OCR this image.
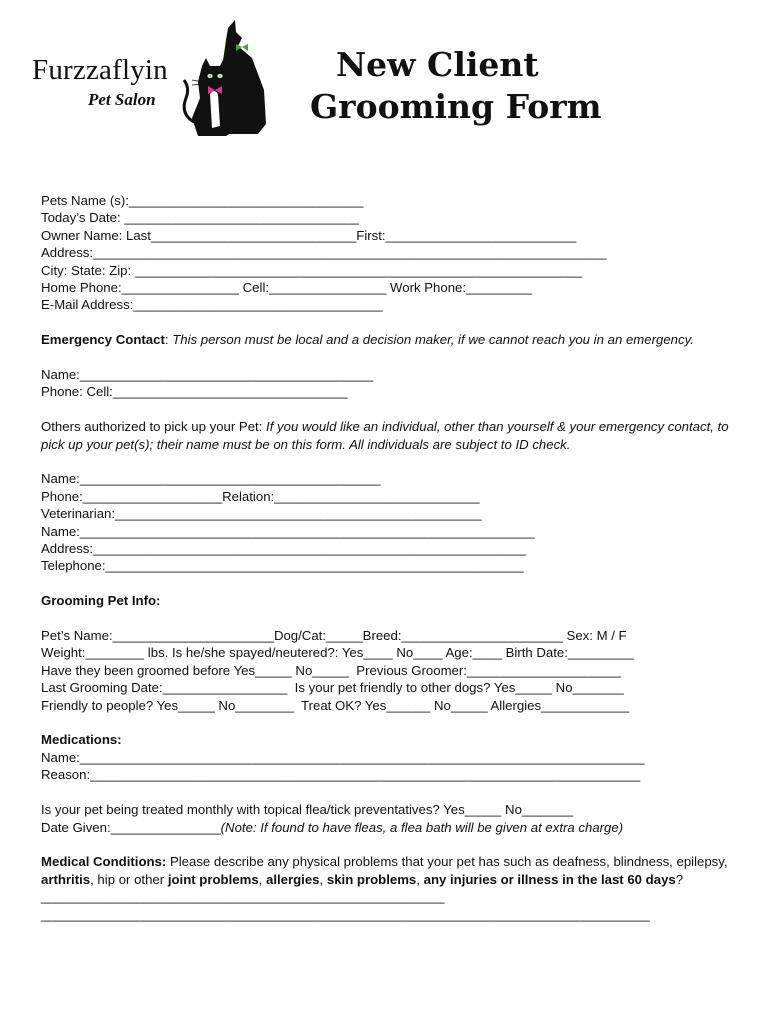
Furzzaflyin
Pet Salon
New Client
Grooming Form
Pets Name (s):________________________________
Today’s Date: ________________________________
Owner Name: Last____________________________First:__________________________
Address:______________________________________________________________________
City: State: Zip: _____________________________________________________________
Home Phone:________________ Cell:________________ Work Phone:_________
E-Mail Address:__________________________________
Emergency Contact: This person must be local and a decision maker, if we cannot reach you in an emergency.
Name:________________________________________
Phone: Cell:________________________________
Others authorized to pick up your Pet: If you would like an individual, other than yourself & your emergency contact, to pick up your pet(s); their name must be on this form. All individuals are subject to ID check.
Name:_________________________________________
Phone:___________________Relation:____________________________
Veterinarian:__________________________________________________
Name:______________________________________________________________
Address:___________________________________________________________
Telephone:_________________________________________________________
Grooming Pet Info:
Pet’s Name:______________________Dog/Cat:_____Breed:______________________ Sex: M / F
Weight:________ lbs. Is he/she spayed/neutered?: Yes____ No____ Age:____ Birth Date:_________
Have they been groomed before Yes_____ No_____  Previous Groomer:_____________________
Last Grooming Date:_________________  Is your pet friendly to other dogs? Yes_____ No_______
Friendly to people? Yes_____ No________  Treat OK? Yes______ No_____ Allergies____________
Medications:
Name:_____________________________________________________________________________
Reason:___________________________________________________________________________
Is your pet being treated monthly with topical flea/tick preventatives? Yes_____ No_______
Date Given:_______________(Note: If found to have fleas, a flea bath will be given at extra charge)
Medical Conditions: Please describe any physical problems that your pet has such as deafness, blindness, epilepsy, arthritis, hip or other joint problems, allergies, skin problems, any injuries or illness in the last 60 days? _______________________________________________________
___________________________________________________________________________________
